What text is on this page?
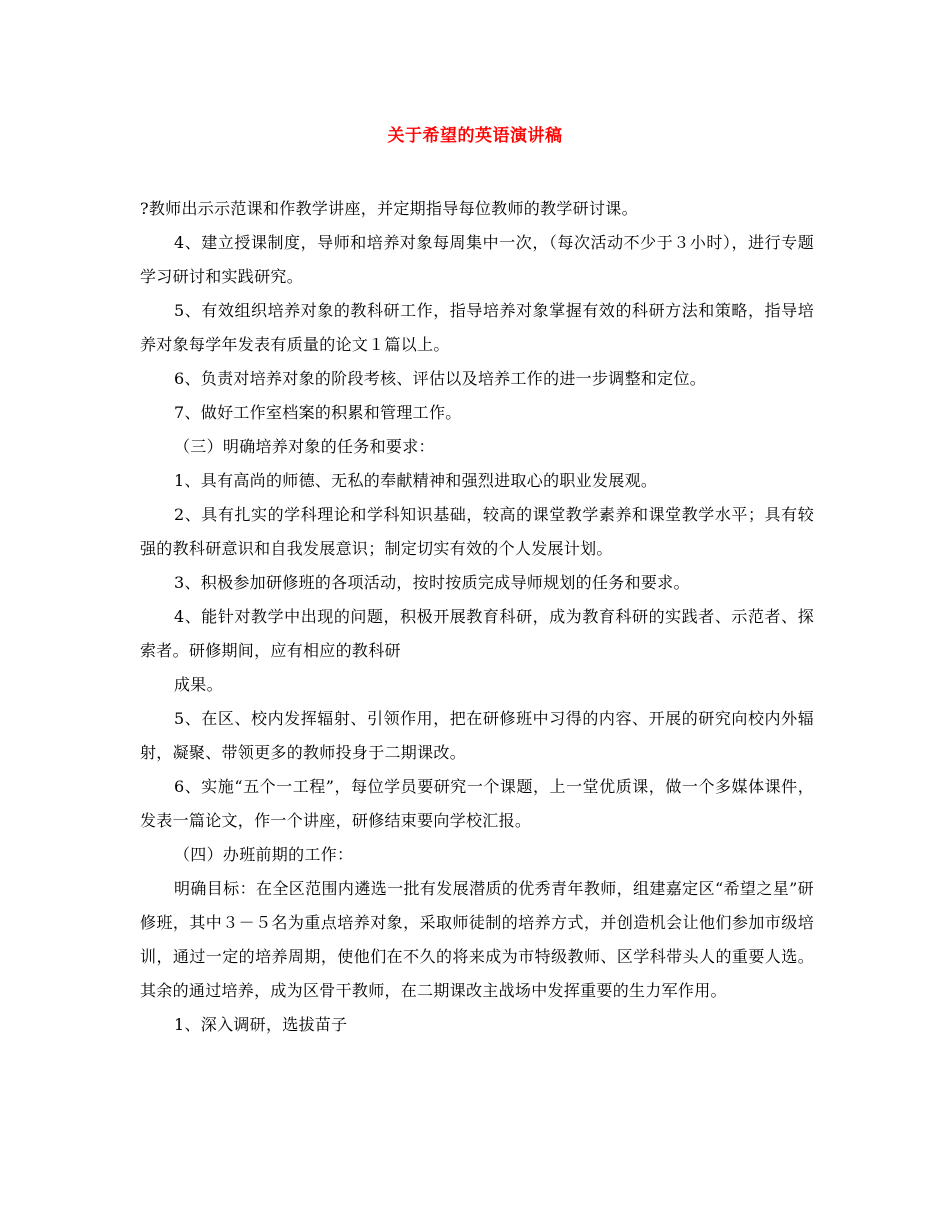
关于希望的英语演讲稿

?教师出示示范课和作教学讲座，并定期指导每位教师的教学研讨课。

4、建立授课制度，导师和培养对象每周集中一次，（每次活动不少于３小时），进行专题学习研讨和实践研究。

5、有效组织培养对象的教科研工作，指导培养对象掌握有效的科研方法和策略，指导培养对象每学年发表有质量的论文１篇以上。

6、负责对培养对象的阶段考核、评估以及培养工作的进一步调整和定位。

7、做好工作室档案的积累和管理工作。

（三）明确培养对象的任务和要求：

1、具有高尚的师德、无私的奉献精神和强烈进取心的职业发展观。

2、具有扎实的学科理论和学科知识基础，较高的课堂教学素养和课堂教学水平；具有较强的教科研意识和自我发展意识；制定切实有效的个人发展计划。

3、积极参加研修班的各项活动，按时按质完成导师规划的任务和要求。

4、能针对教学中出现的问题，积极开展教育科研，成为教育科研的实践者、示范者、探索者。研修期间，应有相应的教科研

成果。

5、在区、校内发挥辐射、引领作用，把在研修班中习得的内容、开展的研究向校内外辐射，凝聚、带领更多的教师投身于二期课改。

6、实施“五个一工程”，每位学员要研究一个课题，上一堂优质课，做一个多媒体课件，发表一篇论文，作一个讲座，研修结束要向学校汇报。

（四）办班前期的工作：

明确目标：在全区范围内遴选一批有发展潜质的优秀青年教师，组建嘉定区“希望之星”研修班，其中３－５名为重点培养对象，采取师徒制的培养方式，并创造机会让他们参加市级培训，通过一定的培养周期，使他们在不久的将来成为市特级教师、区学科带头人的重要人选。其余的通过培养，成为区骨干教师，在二期课改主战场中发挥重要的生力军作用。

1、深入调研，选拔苗子
